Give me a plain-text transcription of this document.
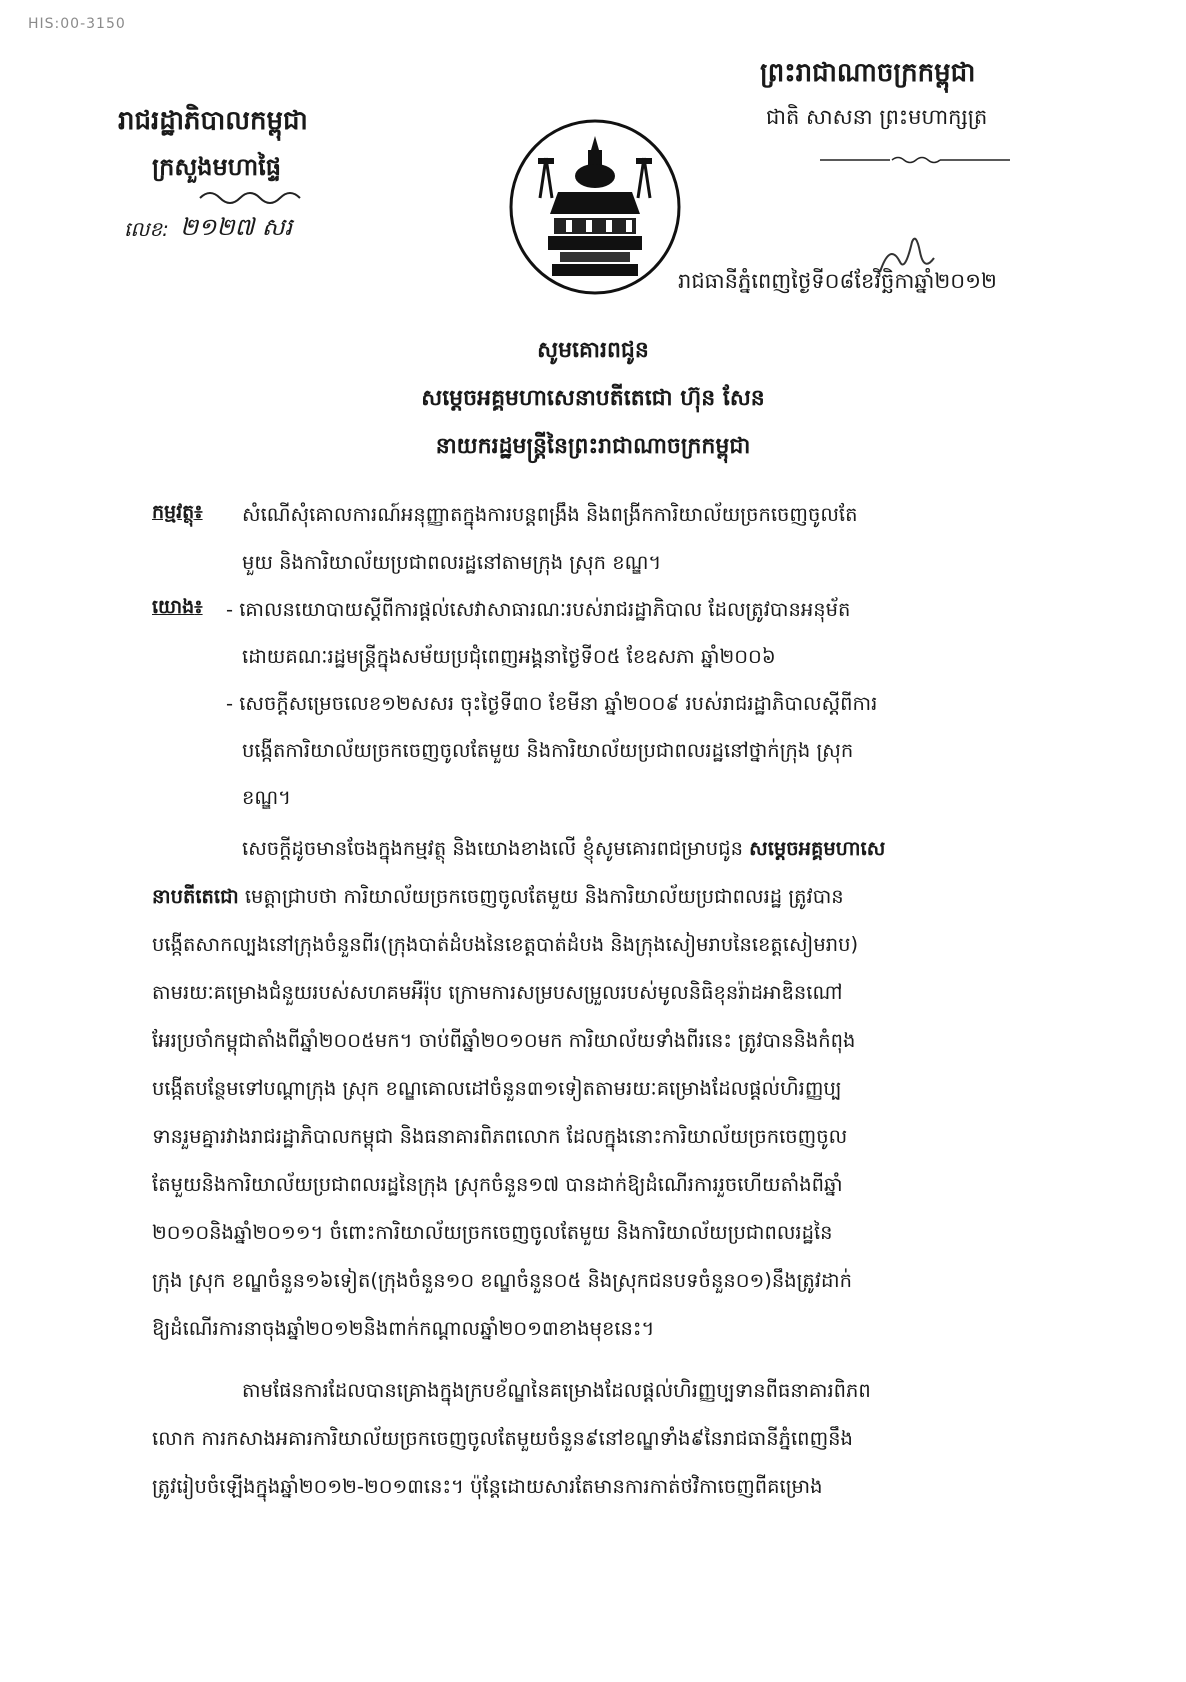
HIS:00-3150
ព្រះរាជាណាចក្រកម្ពុជា
ជាតិ សាសនា ព្រះមហាក្សត្រ
រាជរដ្ឋាភិបាលកម្ពុជា
ក្រសួងមហាផ្ទៃ
លេខ: ២១២៧ សរ
រាជធានីភ្នំពេញថ្ងៃទី០៨ខែវិច្ឆិកាឆ្នាំ២០១២
សូមគោរពជូន
សម្តេចអគ្គមហាសេនាបតីតេជោ ហ៊ុន សែន
នាយករដ្ឋមន្ត្រីនៃព្រះរាជាណាចក្រកម្ពុជា
កម្មវត្ថុ៖ សំណើសុំគោលការណ៍អនុញ្ញាតក្នុងការបន្តពង្រឹង និងពង្រីកការិយាល័យច្រកចេញចូលតែ
មួយ និងការិយាល័យប្រជាពលរដ្ឋនៅតាមក្រុង ស្រុក ខណ្ឌ។
យោង៖ - គោលនយោបាយស្តីពីការផ្តល់សេវាសាធារណៈរបស់រាជរដ្ឋាភិបាល ដែលត្រូវបានអនុម័ត
ដោយគណៈរដ្ឋមន្ត្រីក្នុងសម័យប្រជុំពេញអង្គនាថ្ងៃទី០៥ ខែឧសភា ឆ្នាំ២០០៦
- សេចក្តីសម្រេចលេខ១២សសរ ចុះថ្ងៃទី៣០ ខែមីនា ឆ្នាំ២០០៩ របស់រាជរដ្ឋាភិបាលស្តីពីការ
បង្កើតការិយាល័យច្រកចេញចូលតែមួយ និងការិយាល័យប្រជាពលរដ្ឋនៅថ្នាក់ក្រុង ស្រុក
ខណ្ឌ។
សេចក្តីដូចមានចែងក្នុងកម្មវត្ថុ និងយោងខាងលើ ខ្ញុំសូមគោរពជម្រាបជូន សម្តេចអគ្គមហាសេ
នាបតីតេជោ មេត្តាជ្រាបថា ការិយាល័យច្រកចេញចូលតែមួយ និងការិយាល័យប្រជាពលរដ្ឋ ត្រូវបាន
បង្កើតសាកល្បងនៅក្រុងចំនួនពីរ(ក្រុងបាត់ដំបងនៃខេត្តបាត់ដំបង និងក្រុងសៀមរាបនៃខេត្តសៀមរាប)
តាមរយៈគម្រោងជំនួយរបស់សហគមអឺរ៉ុប ក្រោមការសម្របសម្រួលរបស់មូលនិធិខុនរ៉ាដអាឌិនណៅ
អែរប្រចាំកម្ពុជាតាំងពីឆ្នាំ២០០៥មក។ ចាប់ពីឆ្នាំ២០១០មក ការិយាល័យទាំងពីរនេះ ត្រូវបាននិងកំពុង
បង្កើតបន្ថែមទៅបណ្តាក្រុង ស្រុក ខណ្ឌគោលដៅចំនួន៣១ទៀតតាមរយៈគម្រោងដែលផ្តល់ហិរញ្ញប្ប
ទានរួមគ្នារវាងរាជរដ្ឋាភិបាលកម្ពុជា និងធនាគារពិភពលោក ដែលក្នុងនោះការិយាល័យច្រកចេញចូល
តែមួយនិងការិយាល័យប្រជាពលរដ្ឋនៃក្រុង ស្រុកចំនួន១៧ បានដាក់ឱ្យដំណើរការរួចហើយតាំងពីឆ្នាំ
២០១០និងឆ្នាំ២០១១។ ចំពោះការិយាល័យច្រកចេញចូលតែមួយ និងការិយាល័យប្រជាពលរដ្ឋនៃ
ក្រុង ស្រុក ខណ្ឌចំនួន១៦ទៀត(ក្រុងចំនួន១០ ខណ្ឌចំនួន០៥ និងស្រុកជនបទចំនួន០១)នឹងត្រូវដាក់
ឱ្យដំណើរការនាចុងឆ្នាំ២០១២និងពាក់កណ្តាលឆ្នាំ២០១៣ខាងមុខនេះ។
តាមផែនការដែលបានគ្រោងក្នុងក្របខ័ណ្ឌនៃគម្រោងដែលផ្តល់ហិរញ្ញប្បទានពីធនាគារពិភព
លោក ការកសាងអគារការិយាល័យច្រកចេញចូលតែមួយចំនួន៩នៅខណ្ឌទាំង៩នៃរាជធានីភ្នំពេញនឹង
ត្រូវរៀបចំឡើងក្នុងឆ្នាំ២០១២-២០១៣នេះ។ ប៉ុន្តែដោយសារតែមានការកាត់ថវិកាចេញពីគម្រោង
